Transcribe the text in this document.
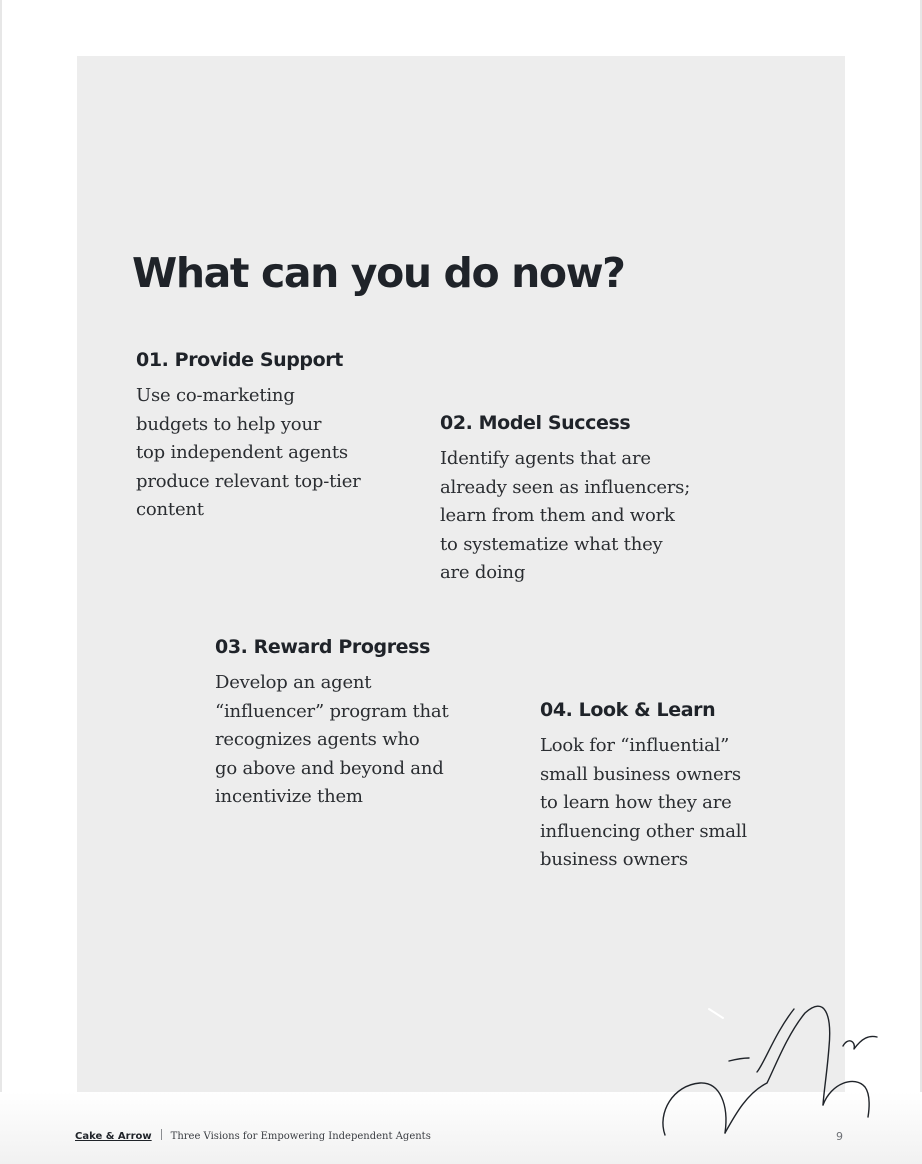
What can you do now?
01. Provide Support

Use co-marketing
budgets to help your
top independent agents
produce relevant top-tier
content

02. Model Success

Identify agents that are
already seen as influencers;
learn from them and work
to systematize what they
are doing

03. Reward Progress

Develop an agent
“influencer” program that
recognizes agents who
go above and beyond and
incentivize them

04. Look & Learn

Look for “influential”
small business owners
to learn how they are
influencing other small
business owners

Cake & Arrow Three Visions for Empowering Independent Agents	9
